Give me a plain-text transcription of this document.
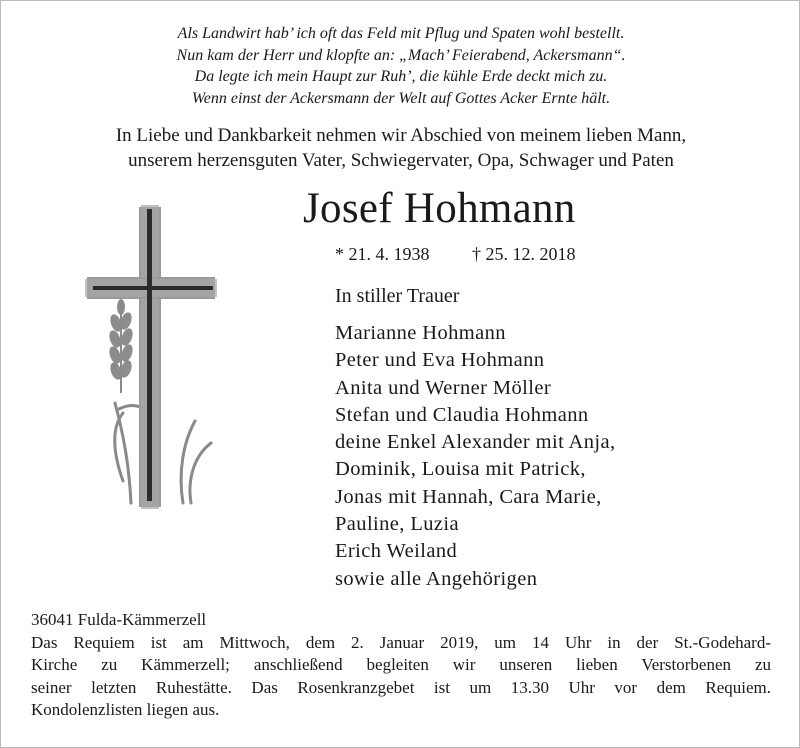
Als Landwirt hab’ ich oft das Feld mit Pflug und Spaten wohl bestellt.
Nun kam der Herr und klopfte an: „Mach’ Feierabend, Ackersmann“.
Da legte ich mein Haupt zur Ruh’, die kühle Erde deckt mich zu.
Wenn einst der Ackersmann der Welt auf Gottes Acker Ernte hält.
In Liebe und Dankbarkeit nehmen wir Abschied von meinem lieben Mann,
unserem herzensguten Vater, Schwiegervater, Opa, Schwager und Paten
Josef Hohmann
* 21. 4. 1938 † 25. 12. 2018
In stiller Trauer
Marianne Hohmann
Peter und Eva Hohmann
Anita und Werner Möller
Stefan und Claudia Hohmann
deine Enkel Alexander mit Anja,
Dominik, Louisa mit Patrick,
Jonas mit Hannah, Cara Marie,
Pauline, Luzia
Erich Weiland
sowie alle Angehörigen
36041 Fulda-Kämmerzell
Das Requiem ist am Mittwoch, dem 2. Januar 2019, um 14 Uhr in der St.-Godehard-
Kirche zu Kämmerzell; anschließend begleiten wir unseren lieben Verstorbenen zu
seiner letzten Ruhestätte. Das Rosenkranzgebet ist um 13.30 Uhr vor dem Requiem.
Kondolenzlisten liegen aus.
